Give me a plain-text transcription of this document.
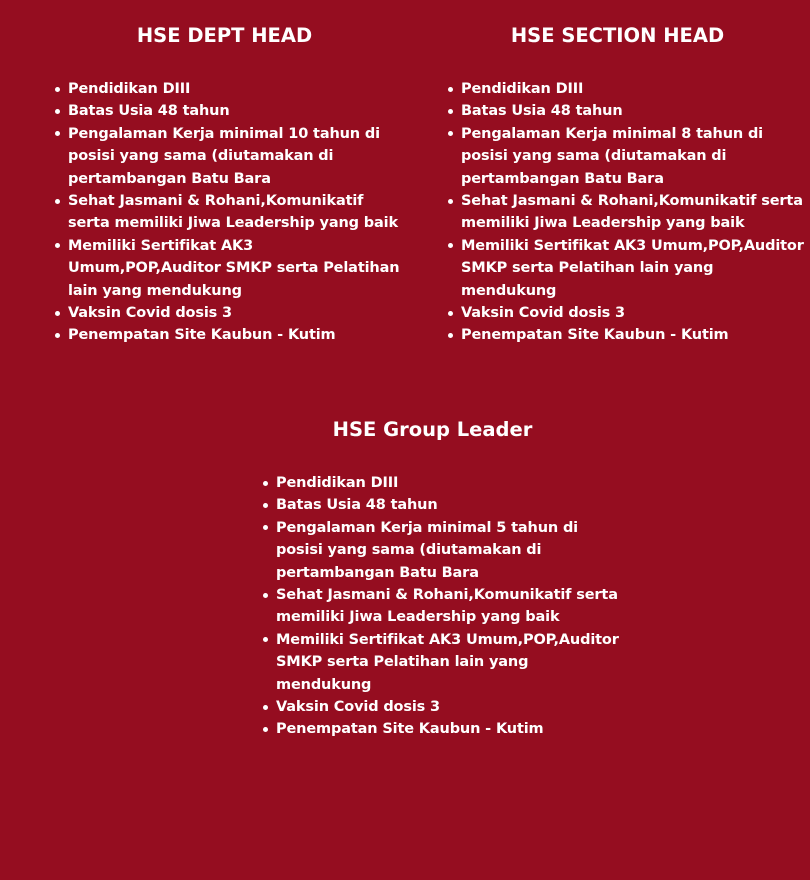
HSE DEPT HEAD
Pendidikan DIII
Batas Usia 48 tahun
Pengalaman Kerja minimal 10 tahun di posisi yang sama (diutamakan di pertambangan Batu Bara
Sehat Jasmani & Rohani,Komunikatif serta memiliki Jiwa Leadership yang baik
Memiliki Sertifikat AK3 Umum,POP,Auditor SMKP serta Pelatihan lain yang mendukung
Vaksin Covid dosis 3
Penempatan Site Kaubun - Kutim
HSE SECTION HEAD
Pendidikan DIII
Batas Usia 48 tahun
Pengalaman Kerja minimal 8 tahun di posisi yang sama (diutamakan di pertambangan Batu Bara
Sehat Jasmani & Rohani,Komunikatif serta memiliki Jiwa Leadership yang baik
Memiliki Sertifikat AK3 Umum,POP,Auditor SMKP serta Pelatihan lain yang mendukung
Vaksin Covid dosis 3
Penempatan Site Kaubun - Kutim
HSE Group Leader
Pendidikan DIII
Batas Usia 48 tahun
Pengalaman Kerja minimal 5 tahun di posisi yang sama (diutamakan di pertambangan Batu Bara
Sehat Jasmani & Rohani,Komunikatif serta memiliki Jiwa Leadership yang baik
Memiliki Sertifikat AK3 Umum,POP,Auditor SMKP serta Pelatihan lain yang mendukung
Vaksin Covid dosis 3
Penempatan Site Kaubun - Kutim
